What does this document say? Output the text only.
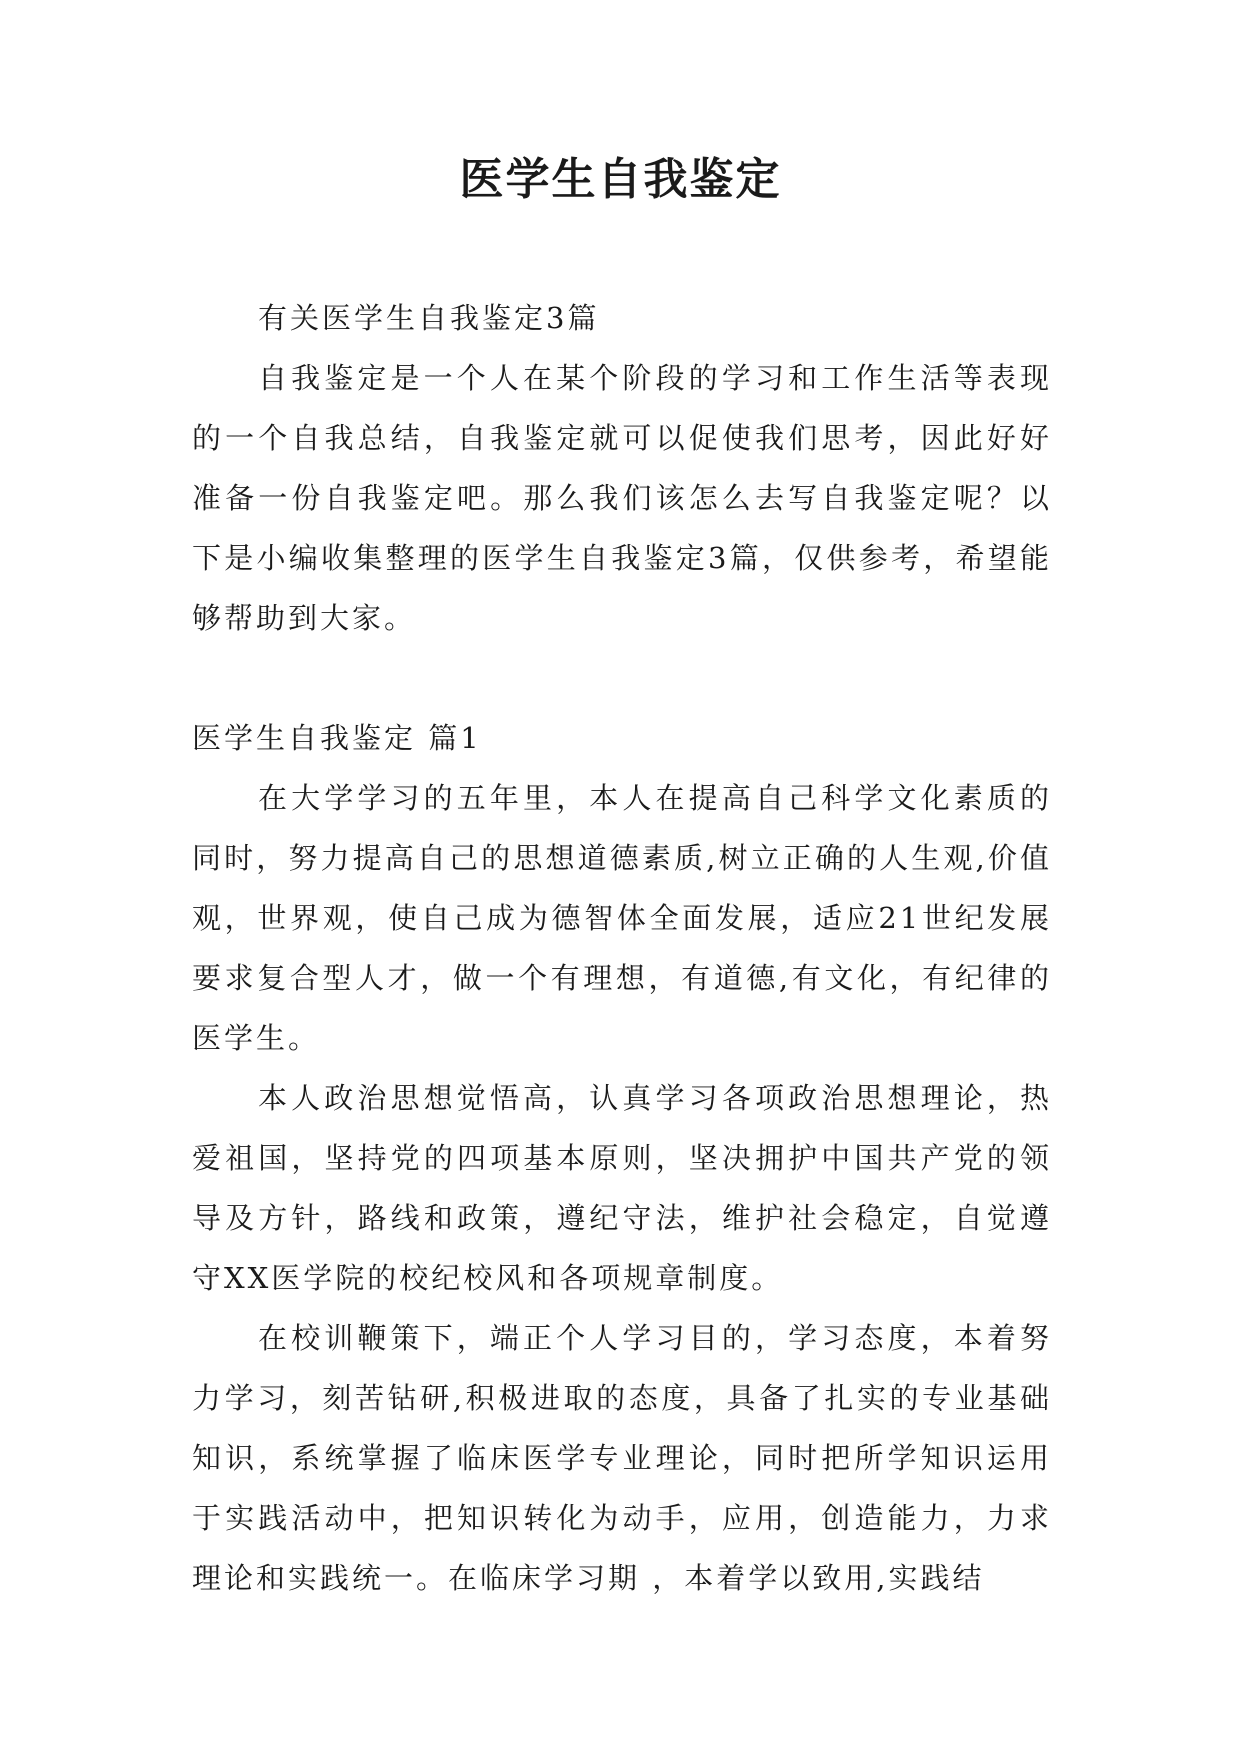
医学生自我鉴定

有关医学生自我鉴定3篇

自我鉴定是一个人在某个阶段的学习和工作生活等表现的一个自我总结，自我鉴定就可以促使我们思考，因此好好准备一份自我鉴定吧。那么我们该怎么去写自我鉴定呢？以下是小编收集整理的医学生自我鉴定3篇，仅供参考，希望能够帮助到大家。

医学生自我鉴定 篇1

在大学学习的五年里，本人在提高自己科学文化素质的同时，努力提高自己的思想道德素质,树立正确的人生观,价值观，世界观，使自己成为德智体全面发展，适应21世纪发展要求复合型人才，做一个有理想，有道德,有文化，有纪律的医学生。

本人政治思想觉悟高，认真学习各项政治思想理论，热爱祖国，坚持党的四项基本原则，坚决拥护中国共产党的领导及方针，路线和政策，遵纪守法，维护社会稳定，自觉遵守XX医学院的校纪校风和各项规章制度。

在校训鞭策下，端正个人学习目的，学习态度，本着努力学习，刻苦钻研,积极进取的态度，具备了扎实的专业基础知识，系统掌握了临床医学专业理论，同时把所学知识运用于实践活动中，把知识转化为动手，应用，创造能力，力求理论和实践统一。在临床学习期 ，本着学以致用,实践结
